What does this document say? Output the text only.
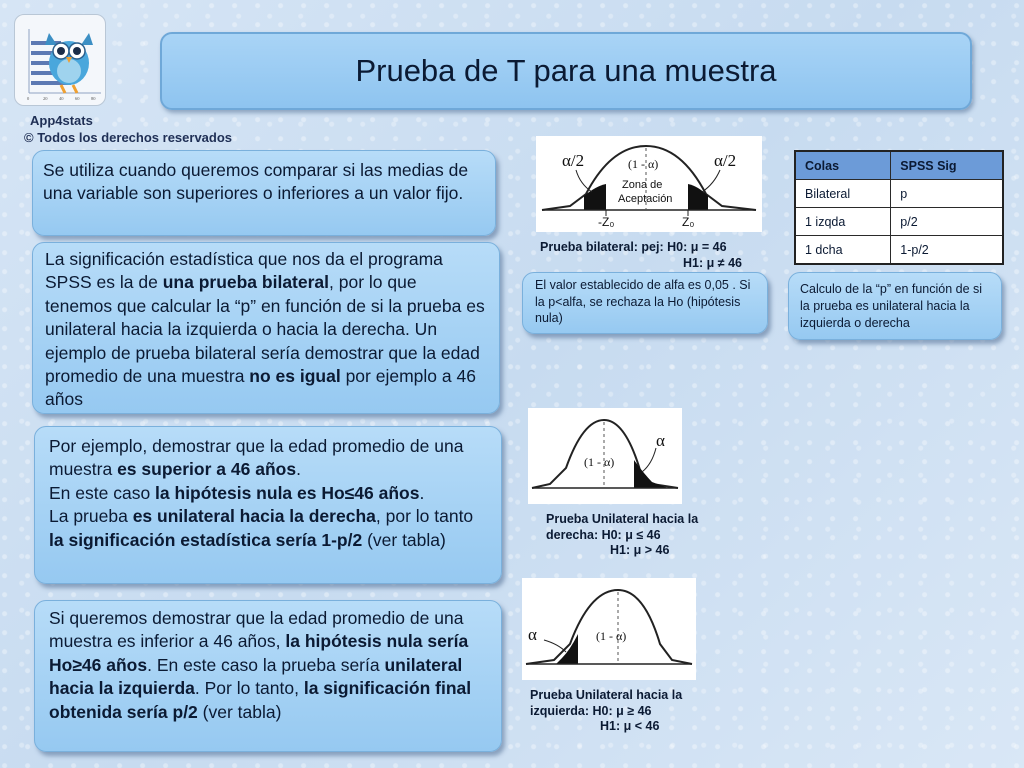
0	20	40	60	80
App4stats
© Todos los derechos reservados
Prueba de T para una muestra
Se utiliza cuando queremos comparar si las medias de una variable son superiores o inferiores a un valor fijo.
La significación estadística que nos da el programa SPSS es la de una prueba bilateral, por lo que tenemos que calcular la “p” en función de si la prueba es unilateral hacia la izquierda o hacia la derecha. Un ejemplo de prueba bilateral sería demostrar que la edad promedio de una muestra no es igual por ejemplo a 46 años
Por ejemplo, demostrar que la edad promedio de una muestra es superior a 46 años.
En este caso la hipótesis nula es Ho≤46 años.
La prueba es unilateral hacia la derecha, por lo tanto la significación estadística sería 1-p/2 (ver tabla)
Si queremos demostrar que la edad promedio de una muestra es inferior a 46 años, la hipótesis nula sería Ho≥46 años. En este caso la prueba sería unilateral hacia la izquierda. Por lo tanto, la significación final obtenida sería p/2 (ver tabla)
α/2	α/2
(1 - α)
Zona de
Aceptación
-Z₀	Z₀
Prueba bilateral: pej: H0: μ = 46
H1: μ ≠ 46
El valor establecido de alfa es 0,05 . Si la p<alfa, se rechaza la Ho (hipótesis nula)
α
(1 - α)
Prueba Unilateral hacia la
derecha: H0: μ ≤ 46
H1: μ > 46
α	(1 - α)
Prueba Unilateral hacia la
izquierda: H0: μ ≥ 46
H1: μ < 46
Colas	SPSS Sig
Bilateral	p
1 izqda	p/2
1 dcha	1-p/2
Calculo de la “p” en función de si la prueba es unilateral hacia la izquierda o derecha
